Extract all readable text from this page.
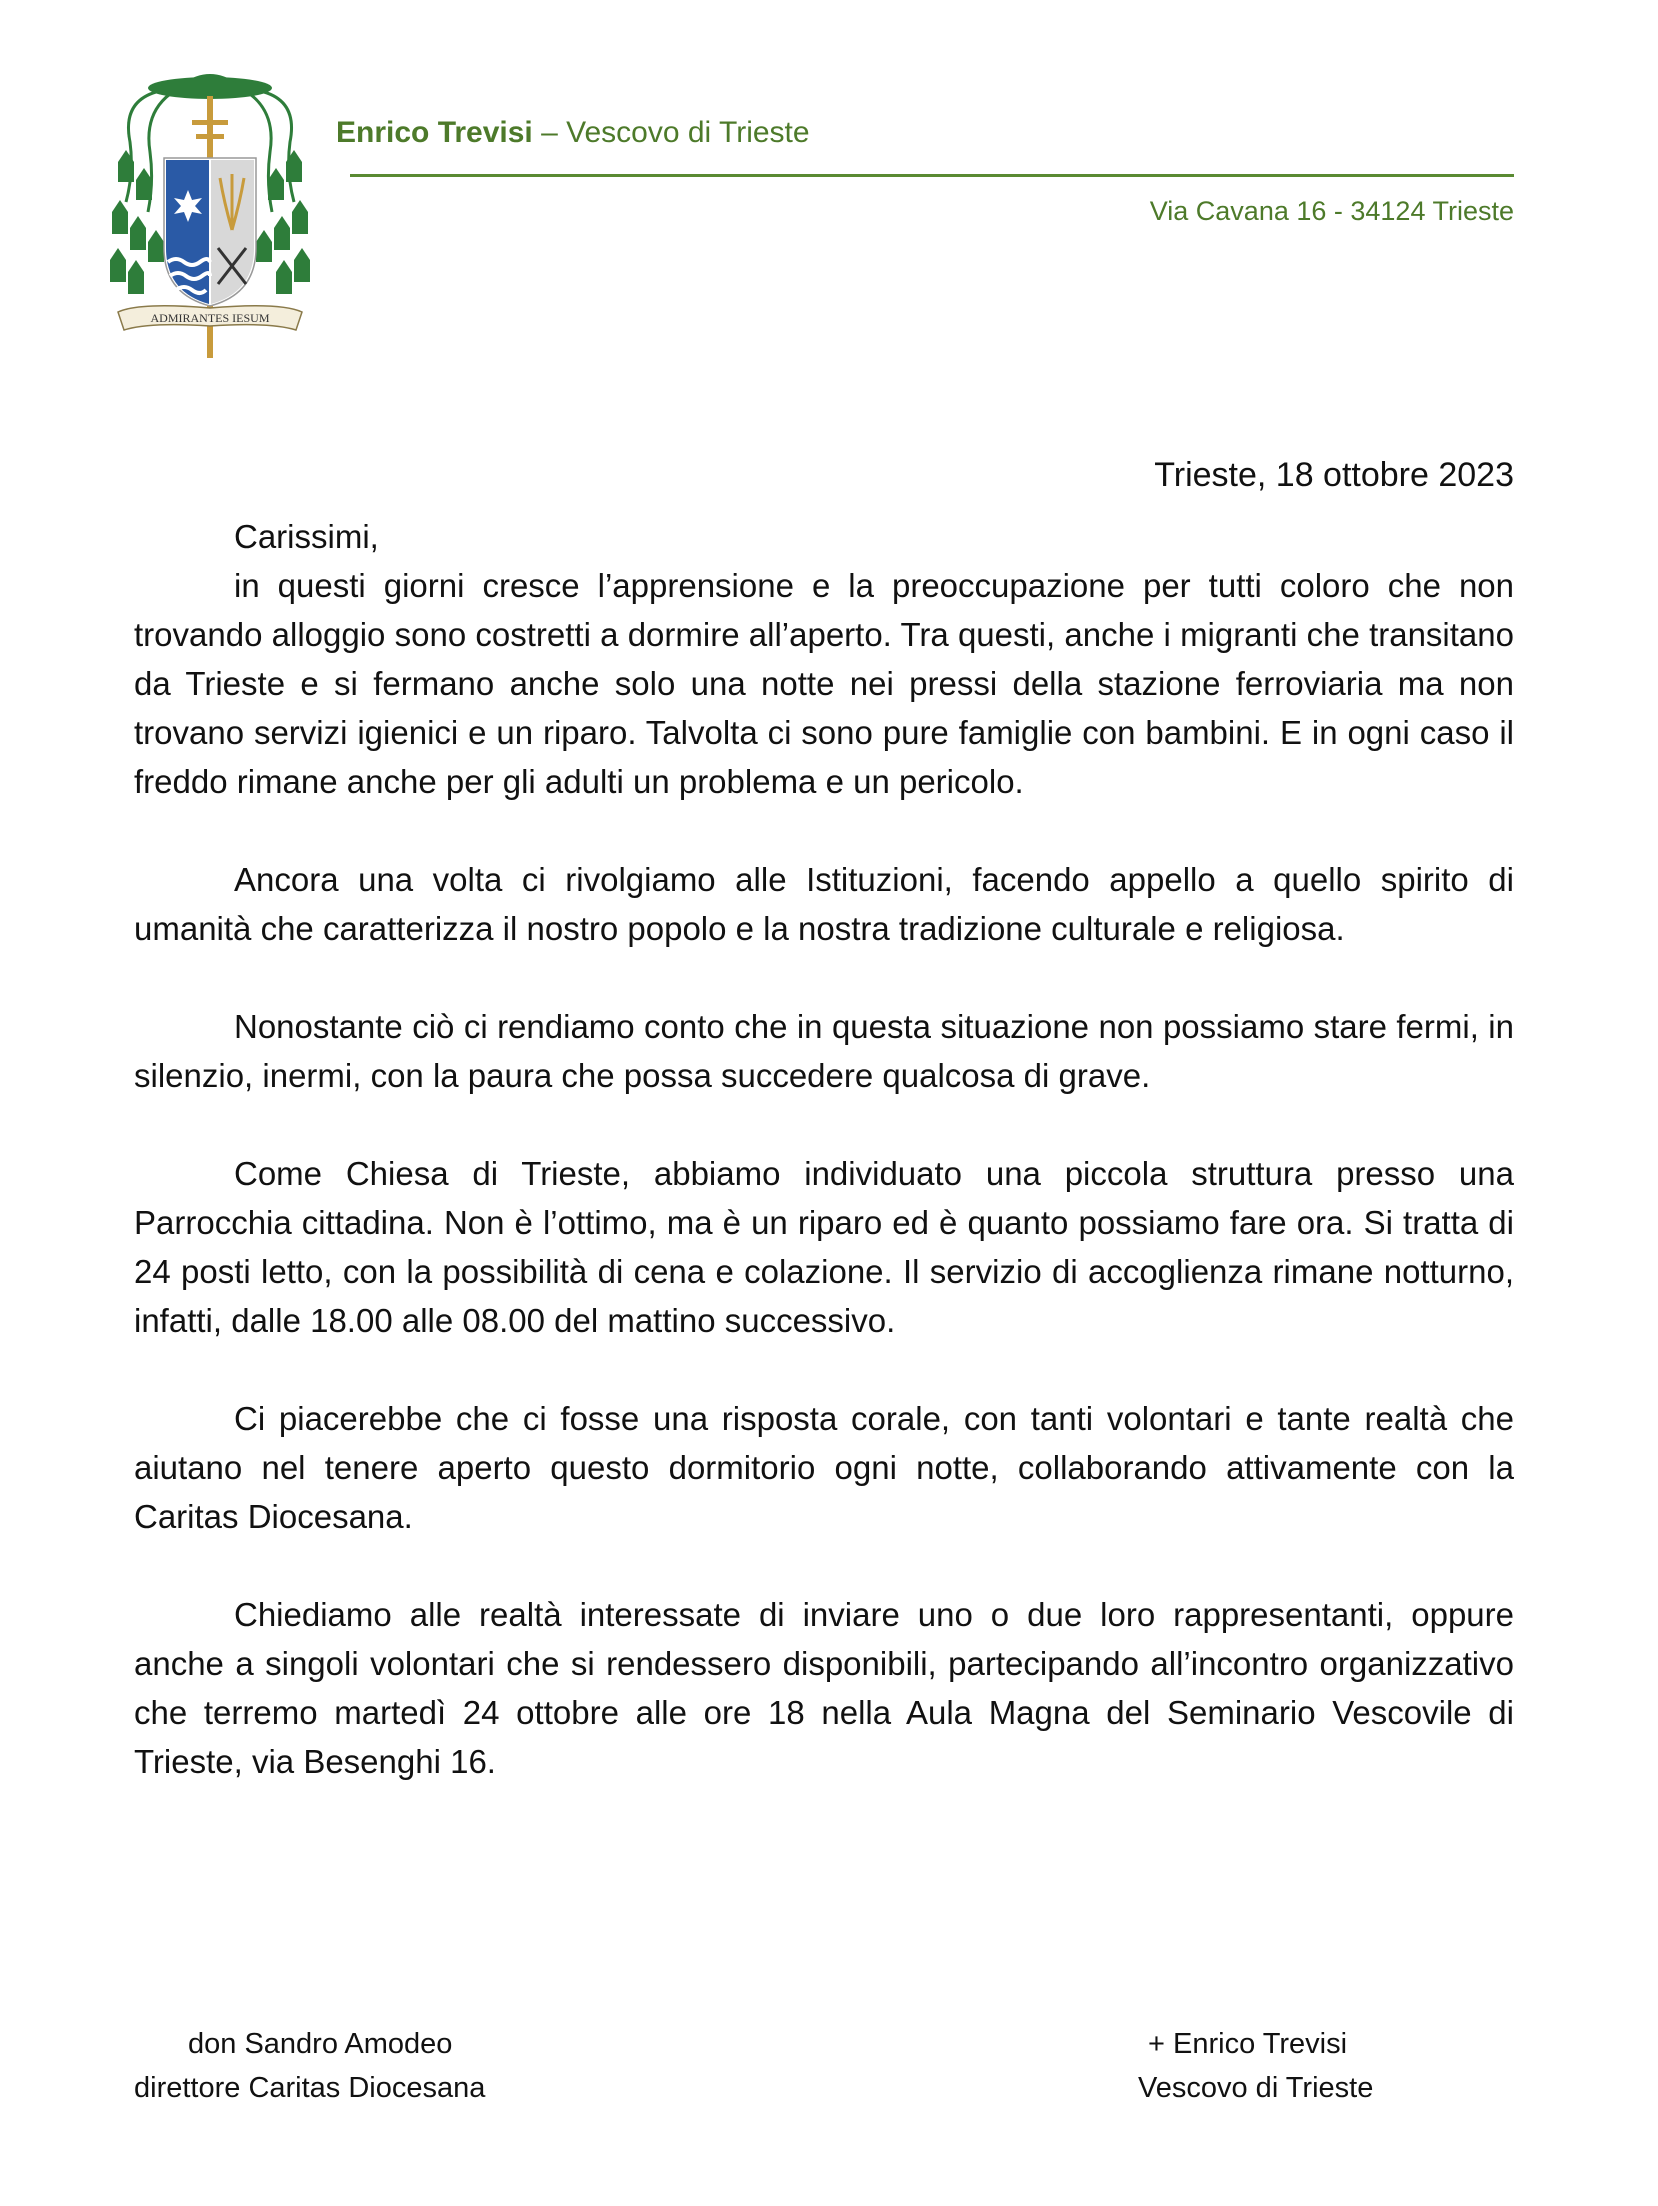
ADMIRANTES IESUM
Enrico Trevisi – Vescovo di Trieste
Via Cavana 16 - 34124 Trieste
Trieste, 18 ottobre 2023
Carissimi,

in questi giorni cresce l’apprensione e la preoccupazione per tutti coloro che non trovando alloggio sono costretti a dormire all’aperto. Tra questi, anche i migranti che transitano da Trieste e si fermano anche solo una notte nei pressi della stazione ferroviaria ma non trovano servizi igienici e un riparo. Talvolta ci sono pure famiglie con bambini. E in ogni caso il freddo rimane anche per gli adulti un problema e un pericolo.

Ancora una volta ci rivolgiamo alle Istituzioni, facendo appello a quello spirito di umanità che caratterizza il nostro popolo e la nostra tradizione culturale e religiosa.

Nonostante ciò ci rendiamo conto che in questa situazione non possiamo stare fermi, in silenzio, inermi, con la paura che possa succedere qualcosa di grave.

Come Chiesa di Trieste, abbiamo individuato una piccola struttura presso una Parrocchia cittadina. Non è l’ottimo, ma è un riparo ed è quanto possiamo fare ora. Si tratta di 24 posti letto, con la possibilità di cena e colazione. Il servizio di accoglienza rimane notturno, infatti, dalle 18.00 alle 08.00 del mattino successivo.

Ci piacerebbe che ci fosse una risposta corale, con tanti volontari e tante realtà che aiutano nel tenere aperto questo dormitorio ogni notte, collaborando attivamente con la Caritas Diocesana.

Chiediamo alle realtà interessate di inviare uno o due loro rappresentanti, oppure anche a singoli volontari che si rendessero disponibili, partecipando all’incontro organizzativo che terremo martedì 24 ottobre alle ore 18 nella Aula Magna del Seminario Vescovile di Trieste, via Besenghi 16.

don Sandro Amodeo
direttore Caritas Diocesana
+ Enrico Trevisi
Vescovo di Trieste
